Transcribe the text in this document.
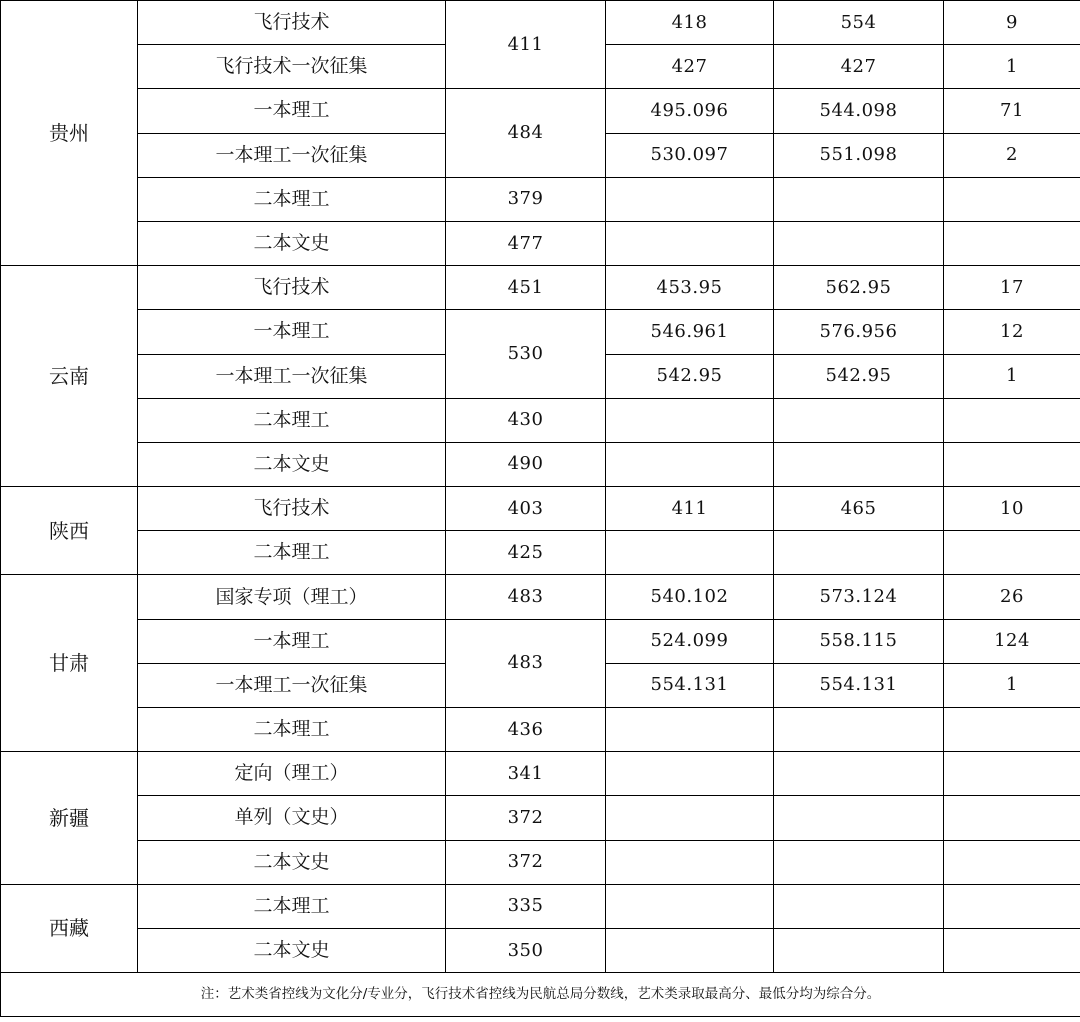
贵州	飞行技术	411	418	554	9
	飞行技术一次征集		427	427	1
	一本理工	484	495.096	544.098	71
	一本理工一次征集		530.097	551.098	2
	二本理工	379			
	二本文史	477			
云南	飞行技术	451	453.95	562.95	17
	一本理工	530	546.961	576.956	12
	一本理工一次征集		542.95	542.95	1
	二本理工	430			
	二本文史	490			
陕西	飞行技术	403	411	465	10
	二本理工	425			
甘肃	国家专项（理工）	483	540.102	573.124	26
	一本理工	483	524.099	558.115	124
	一本理工一次征集		554.131	554.131	1
	二本理工	436			
新疆	定向（理工）	341			
	单列（文史）	372			
	二本文史	372			
西藏	二本理工	335			
	二本文史	350			
注：艺术类省控线为文化分/专业分，飞行技术省控线为民航总局分数线，艺术类录取最高分、最低分均为综合分。					
